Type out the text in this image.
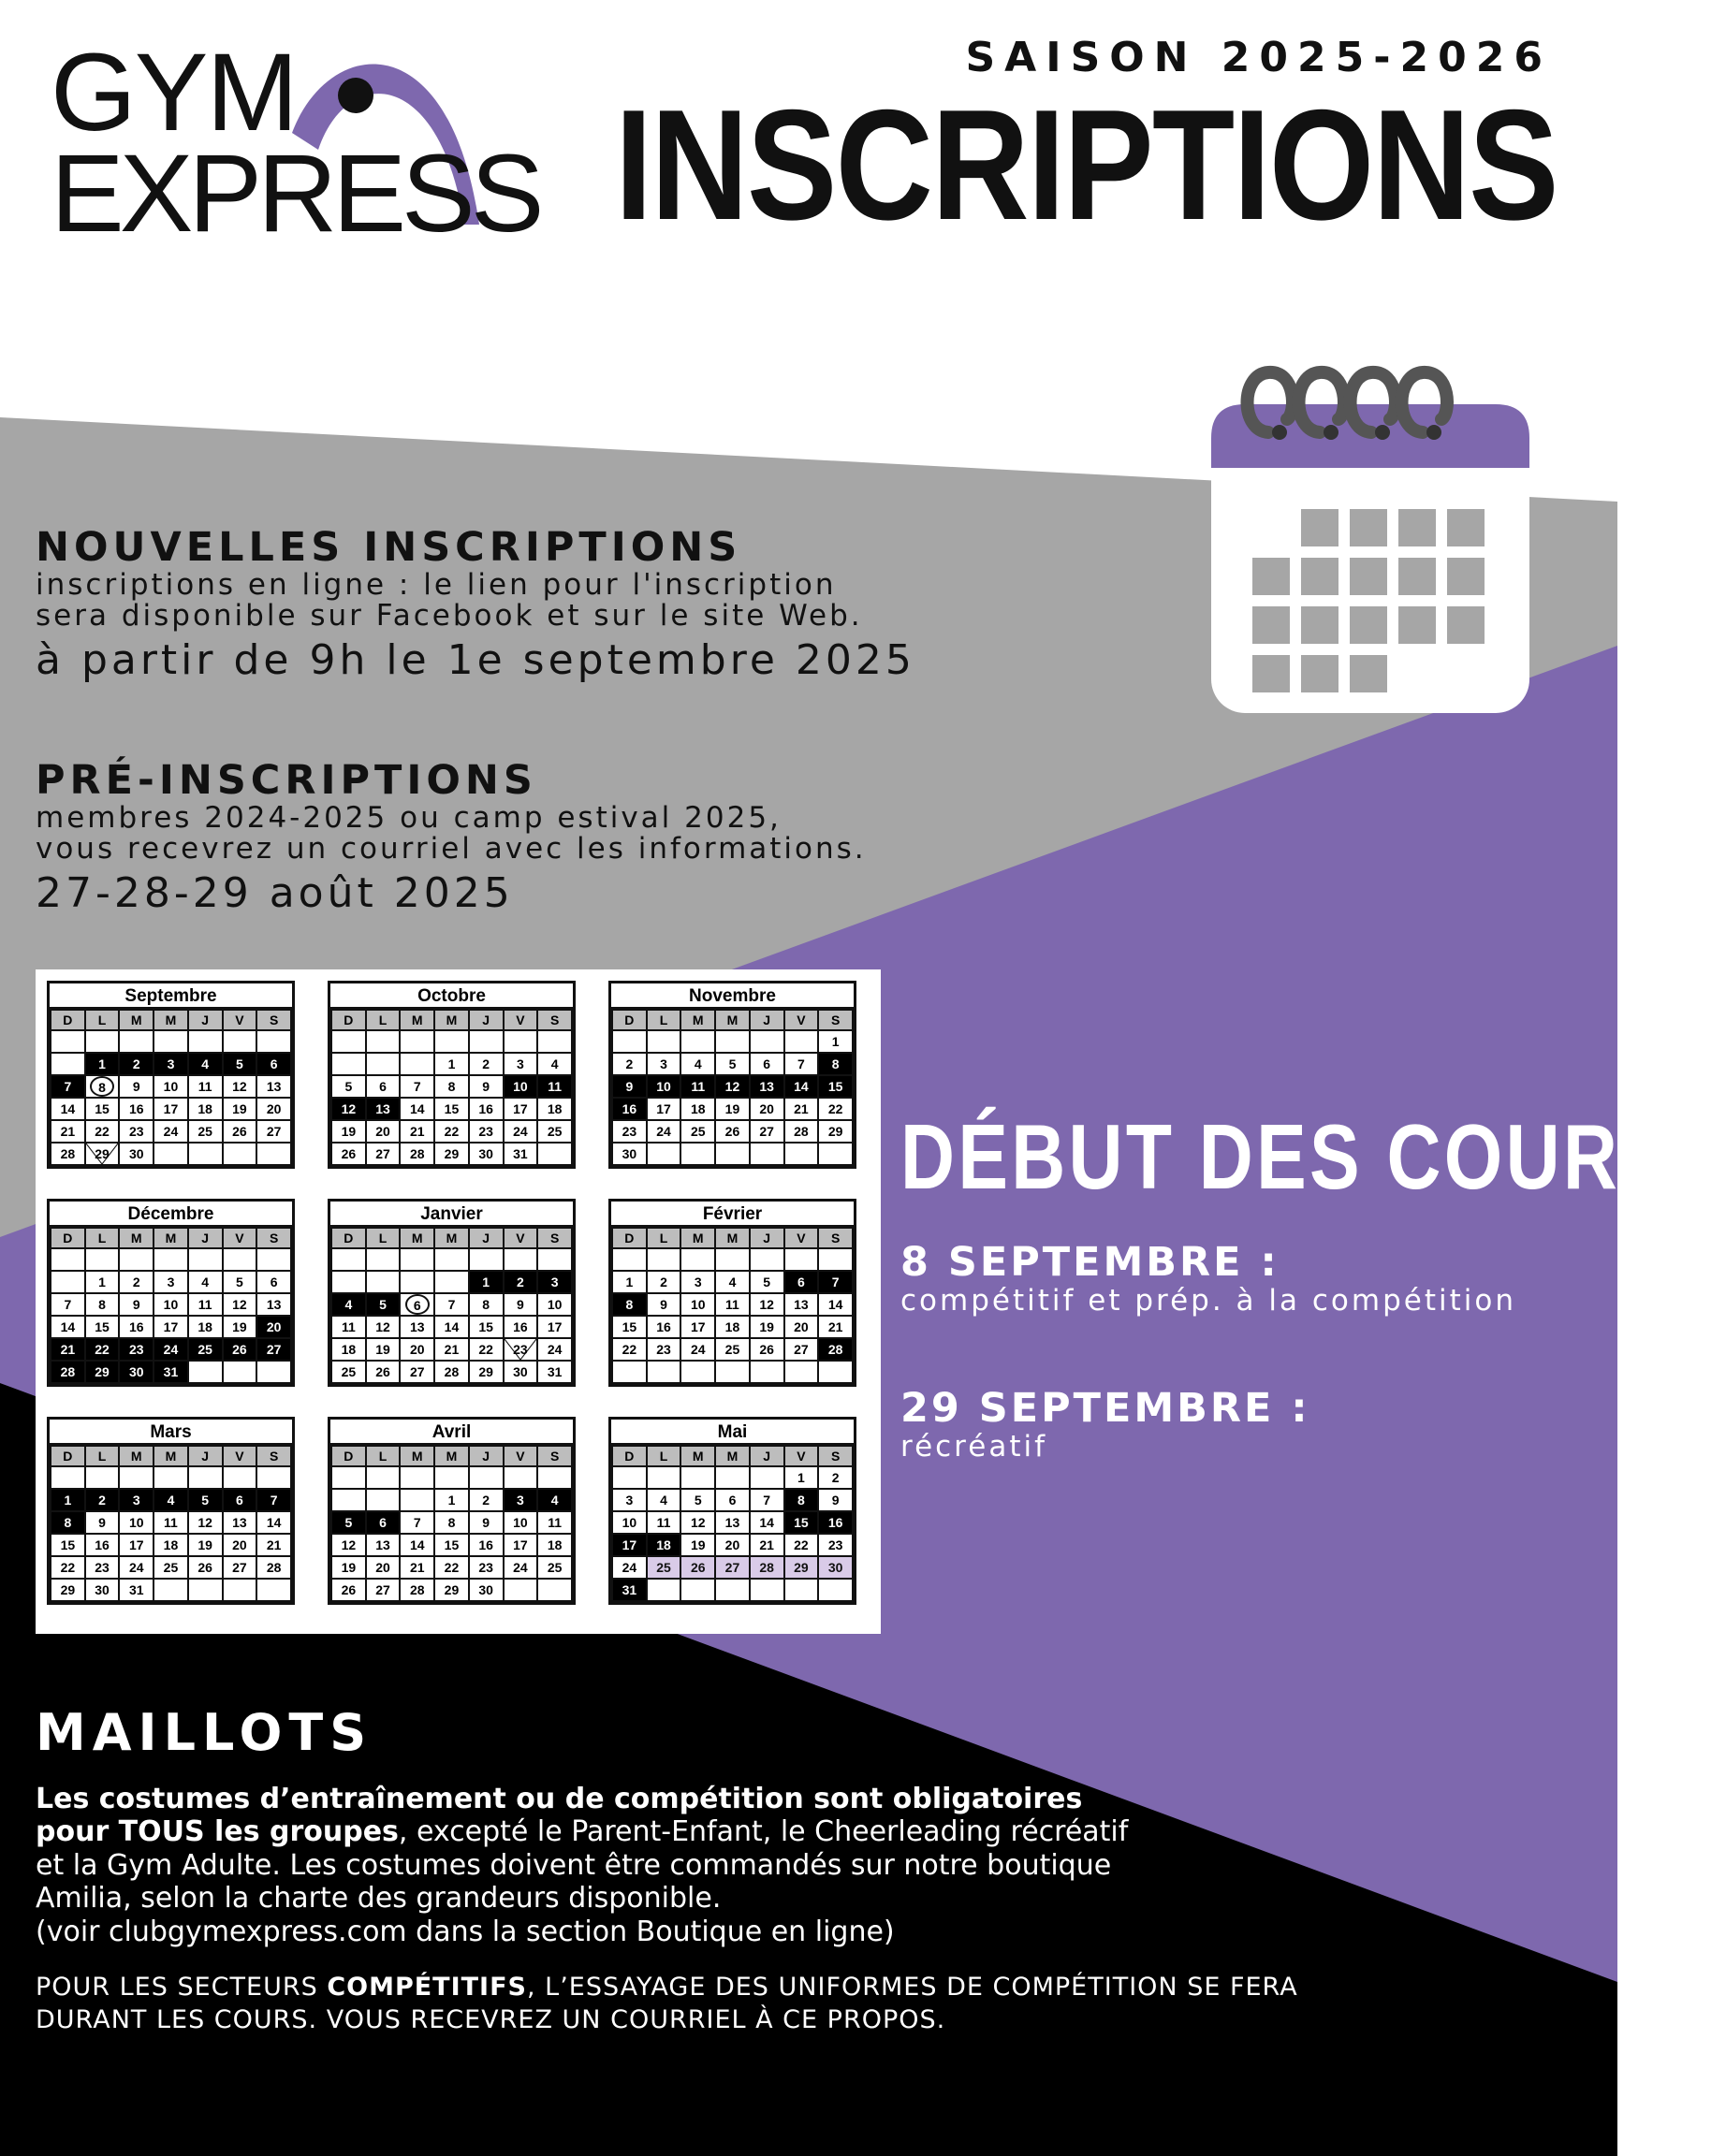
GYM
EXPRESS
SAISON 2025-2026
INSCRIPTIONS
NOUVELLES INSCRIPTIONS
inscriptions en ligne : le lien pour l'inscription
sera disponible sur Facebook et sur le site Web.
à partir de 9h le 1e septembre 2025
PRÉ-INSCRIPTIONS
membres 2024-2025 ou camp estival 2025,
vous recevrez un courriel avec les informations.
27-28-29 août 2025
Septembre
D	L	M	M	J	V	S

	1	2	3	4	5	6
7	8	9	10	11	12	13
14	15	16	17	18	19	20
21	22	23	24	25	26	27
28	29	30				
Octobre
D	L	M	M	J	V	S

			1	2	3	4
5	6	7	8	9	10	11
12	13	14	15	16	17	18
19	20	21	22	23	24	25
26	27	28	29	30	31	
Novembre
D	L	M	M	J	V	S
						1
2	3	4	5	6	7	8
9	10	11	12	13	14	15
16	17	18	19	20	21	22
23	24	25	26	27	28	29
30						
Décembre
D	L	M	M	J	V	S

	1	2	3	4	5	6
7	8	9	10	11	12	13
14	15	16	17	18	19	20
21	22	23	24	25	26	27
28	29	30	31			
Janvier
D	L	M	M	J	V	S

				1	2	3
4	5	6	7	8	9	10
11	12	13	14	15	16	17
18	19	20	21	22	23	24
25	26	27	28	29	30	31
Février
D	L	M	M	J	V	S

1	2	3	4	5	6	7
8	9	10	11	12	13	14
15	16	17	18	19	20	21
22	23	24	25	26	27	28

Mars
D	L	M	M	J	V	S

1	2	3	4	5	6	7
8	9	10	11	12	13	14
15	16	17	18	19	20	21
22	23	24	25	26	27	28
29	30	31				
Avril
D	L	M	M	J	V	S

			1	2	3	4
5	6	7	8	9	10	11
12	13	14	15	16	17	18
19	20	21	22	23	24	25
26	27	28	29	30		
Mai
D	L	M	M	J	V	S
					1	2
3	4	5	6	7	8	9
10	11	12	13	14	15	16
17	18	19	20	21	22	23
24	25	26	27	28	29	30
31						
DÉBUT DES COURS :
8 SEPTEMBRE :
compétitif et prép. à la compétition
29 SEPTEMBRE :
récréatif
MAILLOTS
Les costumes d’entraînement ou de compétition sont obligatoires pour TOUS les groupes, excepté le Parent-Enfant, le Cheerleading récréatif et la Gym Adulte. Les costumes doivent être commandés sur notre boutique Amilia, selon la charte des grandeurs disponible.
(voir clubgymexpress.com dans la section Boutique en ligne)
POUR LES SECTEURS COMPÉTITIFS, L’ESSAYAGE DES UNIFORMES DE COMPÉTITION SE FERA DURANT LES COURS. VOUS RECEVREZ UN COURRIEL À CE PROPOS.
